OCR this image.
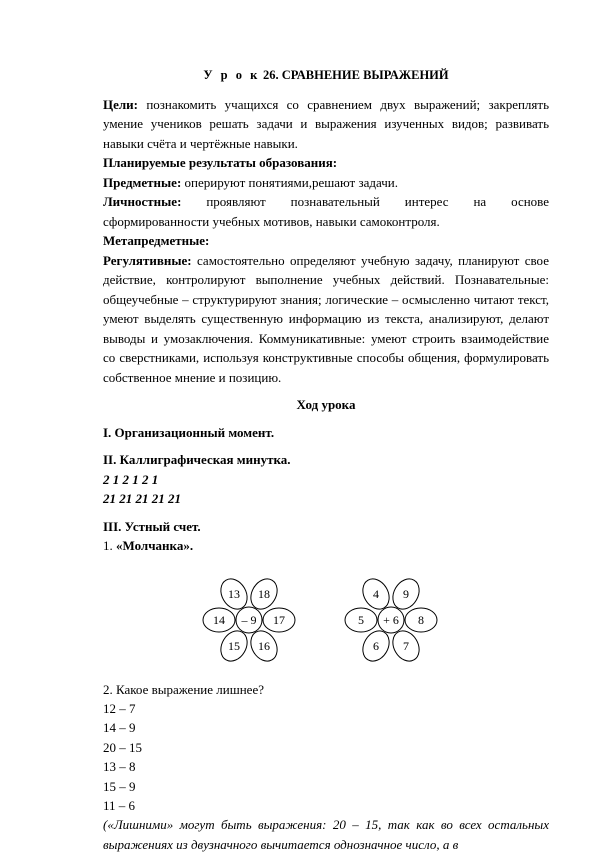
У р о к 26. СРАВНЕНИЕ ВЫРАЖЕНИЙ

Цели: познакомить учащихся со сравнением двух выражений; закреплять умение учеников решать задачи и выражения изученных видов; развивать навыки счёта и чертёжные навыки.

Планируемые результаты образования:

Предметные: оперируют понятиями,решают задачи.

Личностные: проявляют познавательный интерес на основе сформированности учебных мотивов, навыки самоконтроля.

Метапредметные:

Регулятивные: самостоятельно определяют учебную задачу, планируют свое действие, контролируют выполнение учебных действий. Познавательные: общеучебные – структурируют знания; логические – осмысленно читают текст, умеют выделять существенную информацию из текста, анализируют, делают выводы и умозаключения. Коммуникативные: умеют строить взаимодействие со сверстниками, используя конструктивные способы общения, формулировать собственное мнение и позицию.

Ход урока

I. Организационный момент.

II. Каллиграфическая минутка.

2 1 2 1 2 1

21 21 21 21 21

III. Устный счет.

1. «Молчанка».

18
17
16
15
14
13
– 9
9
8
7
6
5
4
+ 6

2. Какое выражение лишнее?

12 – 7

14 – 9

20 – 15

13 – 8

15 – 9

11 – 6

(«Лишними» могут быть выражения: 20 – 15, так как во всех остальных выражениях из двузначного вычитается однозначное число, а в
